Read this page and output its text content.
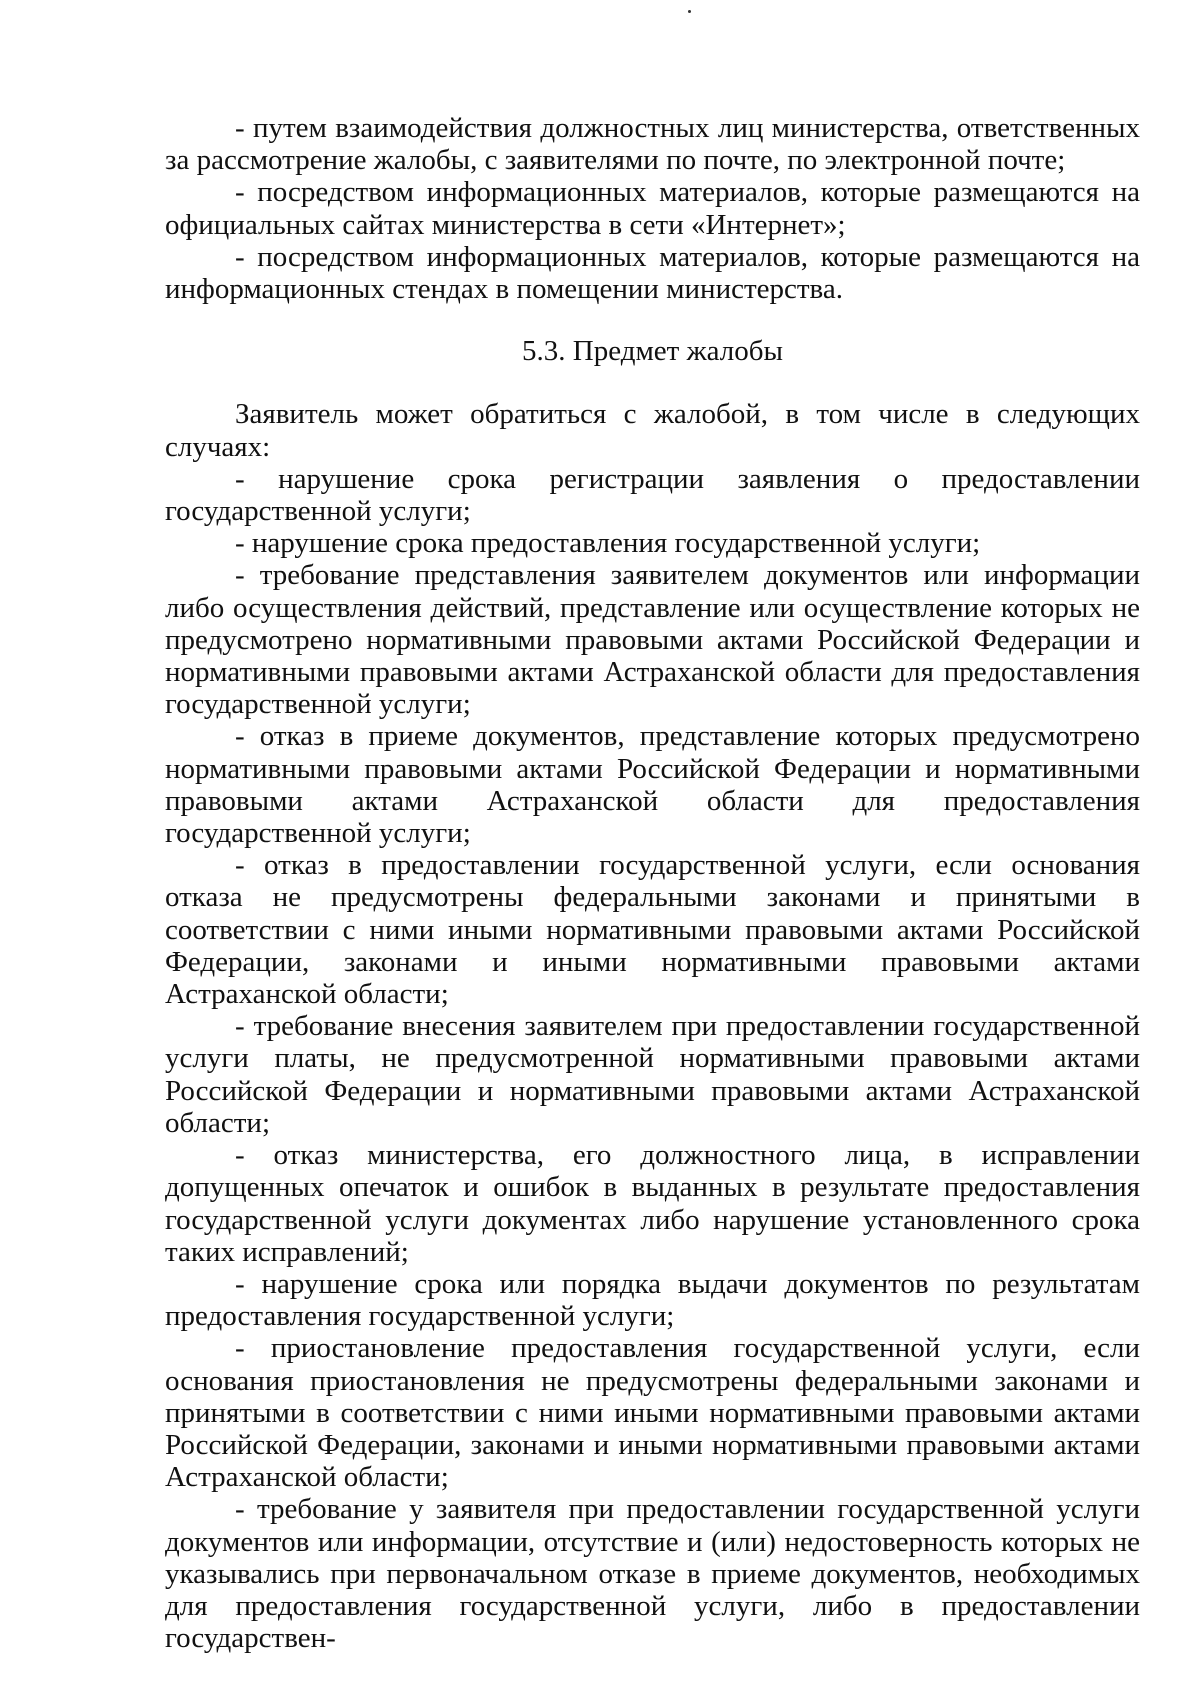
- путем взаимодействия должностных лиц министерства, ответственных за рассмотрение жалобы, с заявителями по почте, по электронной почте;

- посредством информационных материалов, которые размещаются на официальных сайтах министерства в сети «Интернет»;

- посредством информационных материалов, которые размещаются на информационных стендах в помещении министерства.

5.3. Предмет жалобы

Заявитель может обратиться с жалобой, в том числе в следующих случаях:

- нарушение срока регистрации заявления о предоставлении государственной услуги;

- нарушение срока предоставления государственной услуги;

- требование представления заявителем документов или информации либо осуществления действий, представление или осуществление которых не предусмотрено нормативными правовыми актами Российской Федерации и нормативными правовыми актами Астраханской области для предоставления государственной услуги;

- отказ в приеме документов, представление которых предусмотрено нормативными правовыми актами Российской Федерации и нормативными правовыми актами Астраханской области для предоставления государственной услуги;

- отказ в предоставлении государственной услуги, если основания отказа не предусмотрены федеральными законами и принятыми в соответствии с ними иными нормативными правовыми актами Российской Федерации, законами и иными нормативными правовыми актами Астраханской области;

- требование внесения заявителем при предоставлении государственной услуги платы, не предусмотренной нормативными правовыми актами Российской Федерации и нормативными правовыми актами Астраханской области;

- отказ министерства, его должностного лица, в исправлении допущенных опечаток и ошибок в выданных в результате предоставления государственной услуги документах либо нарушение установленного срока таких исправлений;

- нарушение срока или порядка выдачи документов по результатам предоставления государственной услуги;

- приостановление предоставления государственной услуги, если основания приостановления не предусмотрены федеральными законами и принятыми в соответствии с ними иными нормативными правовыми актами Российской Федерации, законами и иными нормативными правовыми актами Астраханской области;

- требование у заявителя при предоставлении государственной услуги документов или информации, отсутствие и (или) недостоверность которых не указывались при первоначальном отказе в приеме документов, необходимых для предоставления государственной услуги, либо в предоставлении государствен-
